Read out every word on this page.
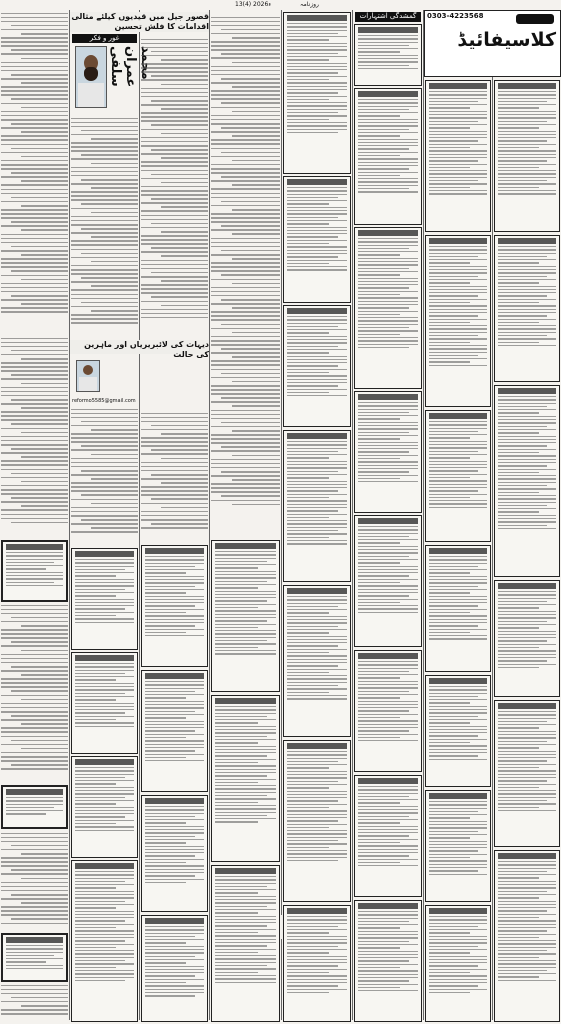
روزنامہ
13(4) 2026ء
غور و فکر
عمران سلفی
reformo5585@gmail.com
قصور جیل میں قیدیوں کیلئے مثالی اقدامات کا فلش تحسین
دیہات کی لائبریریاں اور ماہرین کی حالت
گمشدگی اشتہارات	0303-4223568
کلاسیفائیڈ
